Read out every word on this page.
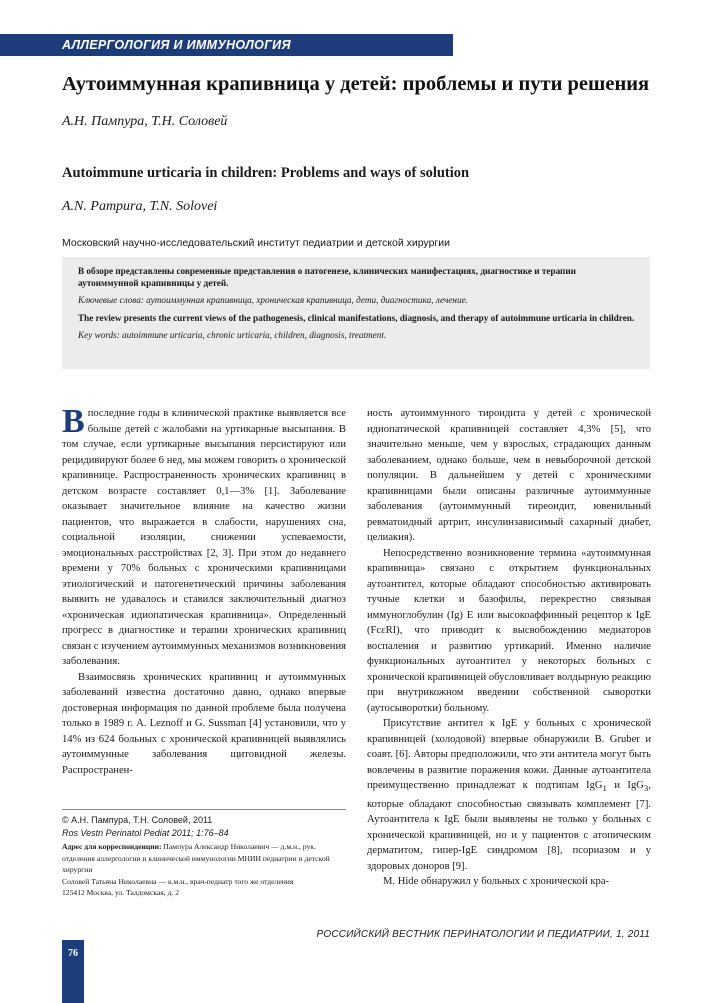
АЛЛЕРГОЛОГИЯ И ИММУНОЛОГИЯ
Аутоиммунная крапивница у детей: проблемы и пути решения
А.Н. Пампура, Т.Н. Соловей
Autoimmune urticaria in children: Problems and ways of solution
A.N. Pampura, T.N. Solovei
Московский научно-исследовательский институт педиатрии и детской хирургии

В обзоре представлены современные представления о патогенезе, клинических манифестациях, диагностике и терапии аутоиммунной крапивницы у детей.

Ключевые слова: аутоиммунная крапивница, хроническая крапивница, дети, диагностика, лечение.

The review presents the current views of the pathogenesis, clinical manifestations, diagnosis, and therapy of autoimmune urticaria in children.

Key words: autoimmune urticaria, chronic urticaria, children, diagnosis, treatment.

Впоследние годы в клинической практике выявляется все больше детей с жалобами на уртикарные высыпания. В том случае, если уртикарные высыпания персистируют или рецидивируют более 6 нед, мы можем говорить о хронической крапивнице. Распространенность хронических крапивниц в детском возрасте составляет 0,1—3% [1]. Заболевание оказывает значительное влияние на качество жизни пациентов, что выражается в слабости, нарушениях сна, социальной изоляции, снижении успеваемости, эмоциональных расстройствах [2, 3]. При этом до недавнего времени у 70% больных с хроническими крапивницами этиологический и патогенетический причины заболевания выявить не удавалось и ставился заключительный диагноз «хроническая идиопатическая крапивница». Определенный прогресс в диагностике и терапии хронических крапивниц связан с изучением аутоиммунных механизмов возникновения заболевания.

Взаимосвязь хронических крапивниц и аутоиммунных заболеваний известна достаточно давно, однако впервые достоверная информация по данной проблеме была получена только в 1989 г. A. Leznoff и G. Sussman [4] установили, что у 14% из 624 больных с хронической крапивницей выявлялись аутоиммунные заболевания щитовидной железы. Распространен-

ность аутоиммунного тироидита у детей с хронической идиопатической крапивницей составляет 4,3% [5], что значительно меньше, чем у взрослых, страдающих данным заболеванием, однако больше, чем в невыборочной детской популяции. В дальнейшем у детей с хроническими крапивницами были описаны различные аутоиммунные заболевания (аутоиммунный тиреоидит, ювенильный ревматоидный артрит, инсулинзависимый сахарный диабет, целиакия).

Непосредственно возникновение термина «аутоиммунная крапивница» связано с открытием функциональных аутоантител, которые обладают способностью активировать тучные клетки и базофилы, перекрестно связывая иммуноглобулин (Ig) E или высокоаффинный рецептор к IgE (FcεRI), что приводит к высвобождению медиаторов воспаления и развитию уртикарий. Именно наличие функциональных аутоантител у некоторых больных с хронической крапивницей обусловливает волдырную реакцию при внутрикожном введении собственной сыворотки (аутосыворотки) больному.

Присутствие антител к IgE у больных с хронической крапивницей (холодовой) впервые обнаружили B. Gruber и соавт. [6]. Авторы предположили, что эти антитела могут быть вовлечены в развитие поражения кожи. Данные аутоантитела преимущественно принадлежат к подтипам IgG$_1$ и IgG$_3$, которые обладают способностью связывать комплемент [7]. Аутоантитела к IgE были выявлены не только у больных с хронической крапивницей, но и у пациентов с атопическим дерматитом, гипер-IgE синдромом [8], псориазом и у здоровых доноров [9].

M. Hide обнаружил у больных с хронической кра-

© А.Н. Пампура, Т.Н. Соловей, 2011
Ros Vestn Perinatol Pediat 2011; 1:76–84
Адрес для корреспонденции: Пампура Александр Николаевич — д.м.н., рук. отделения аллергологии и клинической иммунологии МНИИ педиатрии и детской хирургии
Соловей Татьяна Николаевна — к.м.н., врач-педиатр того же отделения
125412 Москва, ул. Талдомская, д. 2
РОССИЙСКИЙ ВЕСТНИК ПЕРИНАТОЛОГИИ И ПЕДИАТРИИ, 1, 2011
76
